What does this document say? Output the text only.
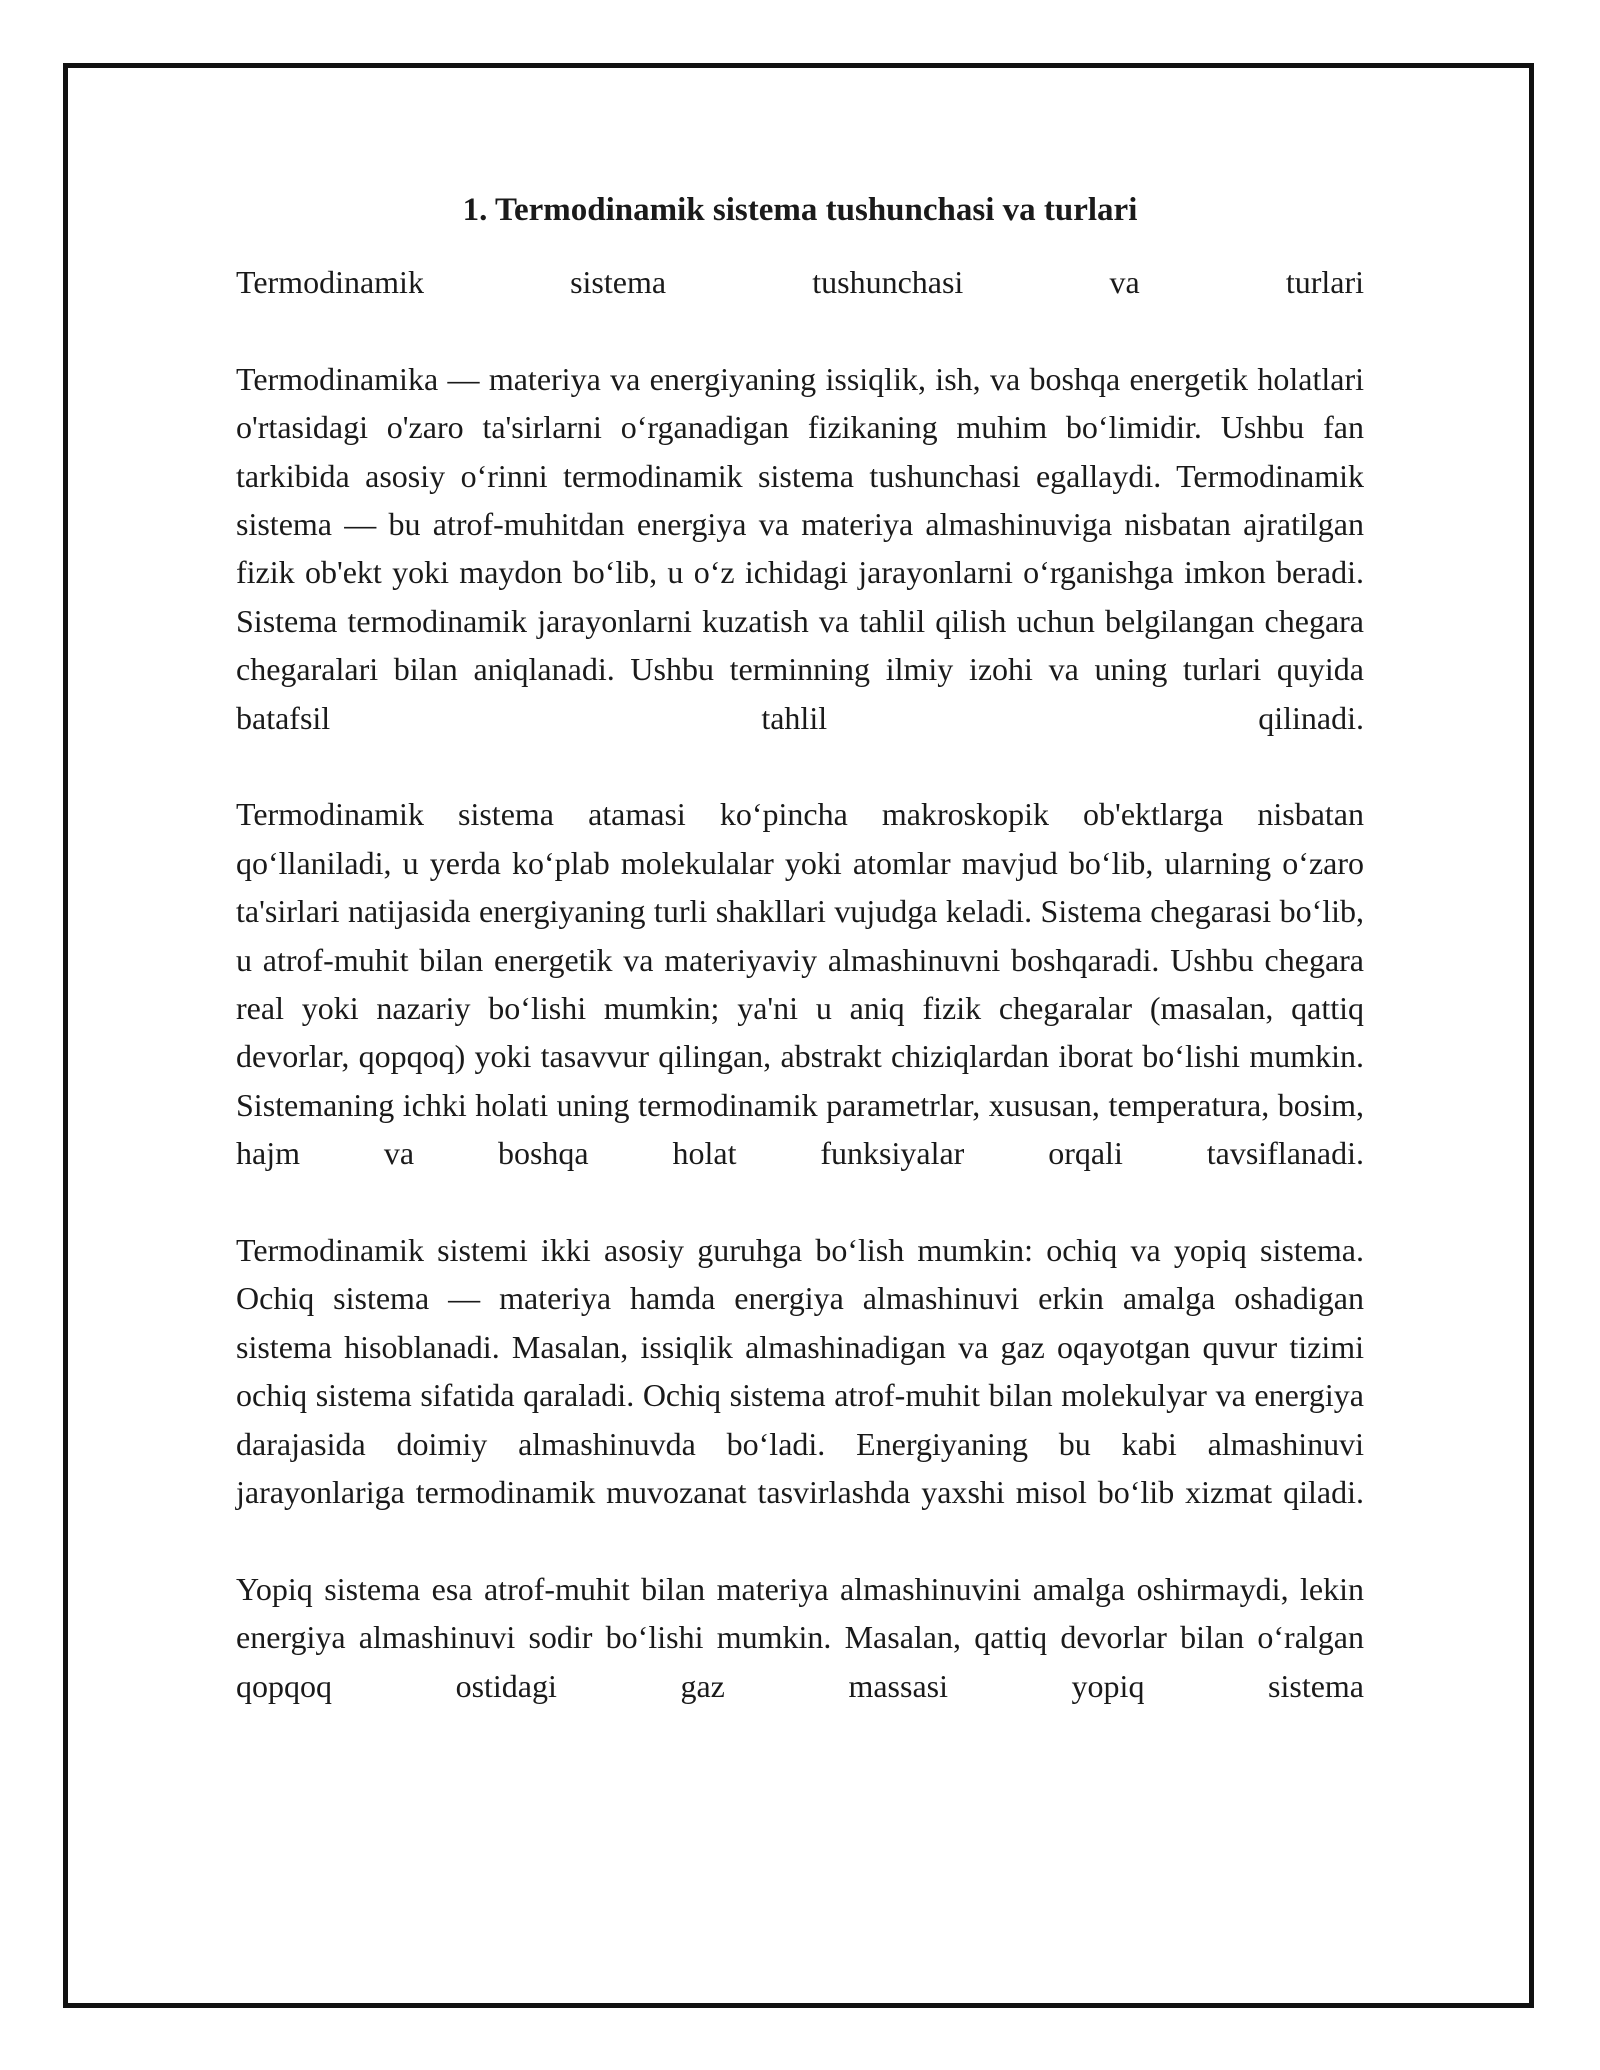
1. Termodinamik sistema tushunchasi va turlari

Termodinamik sistema tushunchasi va turlari

Termodinamika — materiya va energiyaning issiqlik, ish, va boshqa energetik holatlari o'rtasidagi o'zaro ta'sirlarni oʻrganadigan fizikaning muhim boʻlimidir. Ushbu fan tarkibida asosiy oʻrinni termodinamik sistema tushunchasi egallaydi. Termodinamik sistema — bu atrof-muhitdan energiya va materiya almashinuviga nisbatan ajratilgan fizik ob'ekt yoki maydon boʻlib, u oʻz ichidagi jarayonlarni oʻrganishga imkon beradi. Sistema termodinamik jarayonlarni kuzatish va tahlil qilish uchun belgilangan chegara chegaralari bilan aniqlanadi. Ushbu terminning ilmiy izohi va uning turlari quyida batafsil tahlil qilinadi.

Termodinamik sistema atamasi koʻpincha makroskopik ob'ektlarga nisbatan qoʻllaniladi, u yerda koʻplab molekulalar yoki atomlar mavjud boʻlib, ularning oʻzaro ta'sirlari natijasida energiyaning turli shakllari vujudga keladi. Sistema chegarasi boʻlib, u atrof-muhit bilan energetik va materiyaviy almashinuvni boshqaradi. Ushbu chegara real yoki nazariy boʻlishi mumkin; ya'ni u aniq fizik chegaralar (masalan, qattiq devorlar, qopqoq) yoki tasavvur qilingan, abstrakt chiziqlardan iborat boʻlishi mumkin. Sistemaning ichki holati uning termodinamik parametrlar, xususan, temperatura, bosim, hajm va boshqa holat funksiyalar orqali tavsiflanadi.

Termodinamik sistemi ikki asosiy guruhga boʻlish mumkin: ochiq va yopiq sistema. Ochiq sistema — materiya hamda energiya almashinuvi erkin amalga oshadigan sistema hisoblanadi. Masalan, issiqlik almashinadigan va gaz oqayotgan quvur tizimi ochiq sistema sifatida qaraladi. Ochiq sistema atrof-muhit bilan molekulyar va energiya darajasida doimiy almashinuvda boʻladi. Energiyaning bu kabi almashinuvi jarayonlariga termodinamik muvozanat tasvirlashda yaxshi misol boʻlib xizmat qiladi.

Yopiq sistema esa atrof-muhit bilan materiya almashinuvini amalga oshirmaydi, lekin energiya almashinuvi sodir boʻlishi mumkin. Masalan, qattiq devorlar bilan oʻralgan qopqoq ostidagi gaz massasi yopiq sistema
